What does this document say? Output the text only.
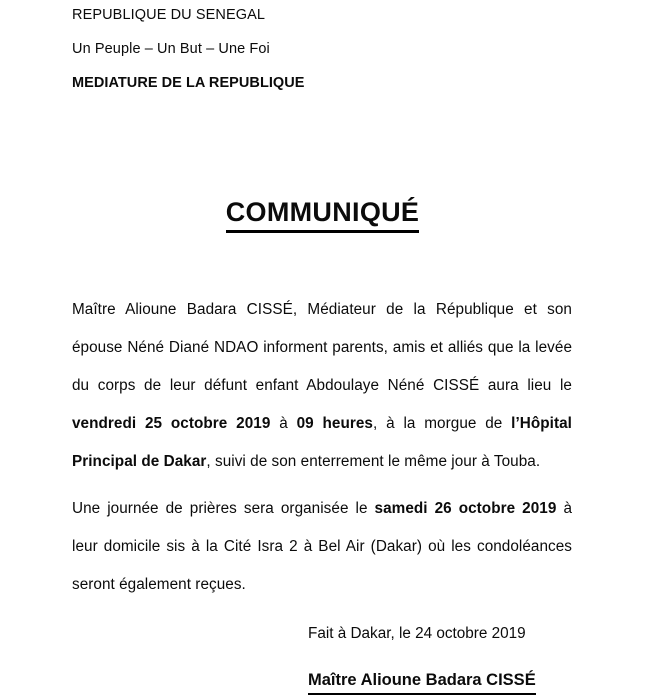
REPUBLIQUE DU SENEGAL
Un Peuple – Un But – Une Foi
MEDIATURE DE LA REPUBLIQUE
COMMUNIQUÉ

Maître Alioune Badara CISSÉ, Médiateur de la République et son épouse Néné Diané NDAO informent parents, amis et alliés que la levée du corps de leur défunt enfant Abdoulaye Néné CISSÉ aura lieu le vendredi 25 octobre 2019 à 09 heures, à la morgue de l’Hôpital Principal de Dakar, suivi de son enterrement le même jour à Touba.

Une journée de prières sera organisée le samedi 26 octobre 2019 à leur domicile sis à la Cité Isra 2 à Bel Air (Dakar) où les condoléances seront également reçues.

Fait à Dakar, le 24 octobre 2019
Maître Alioune Badara CISSÉ
